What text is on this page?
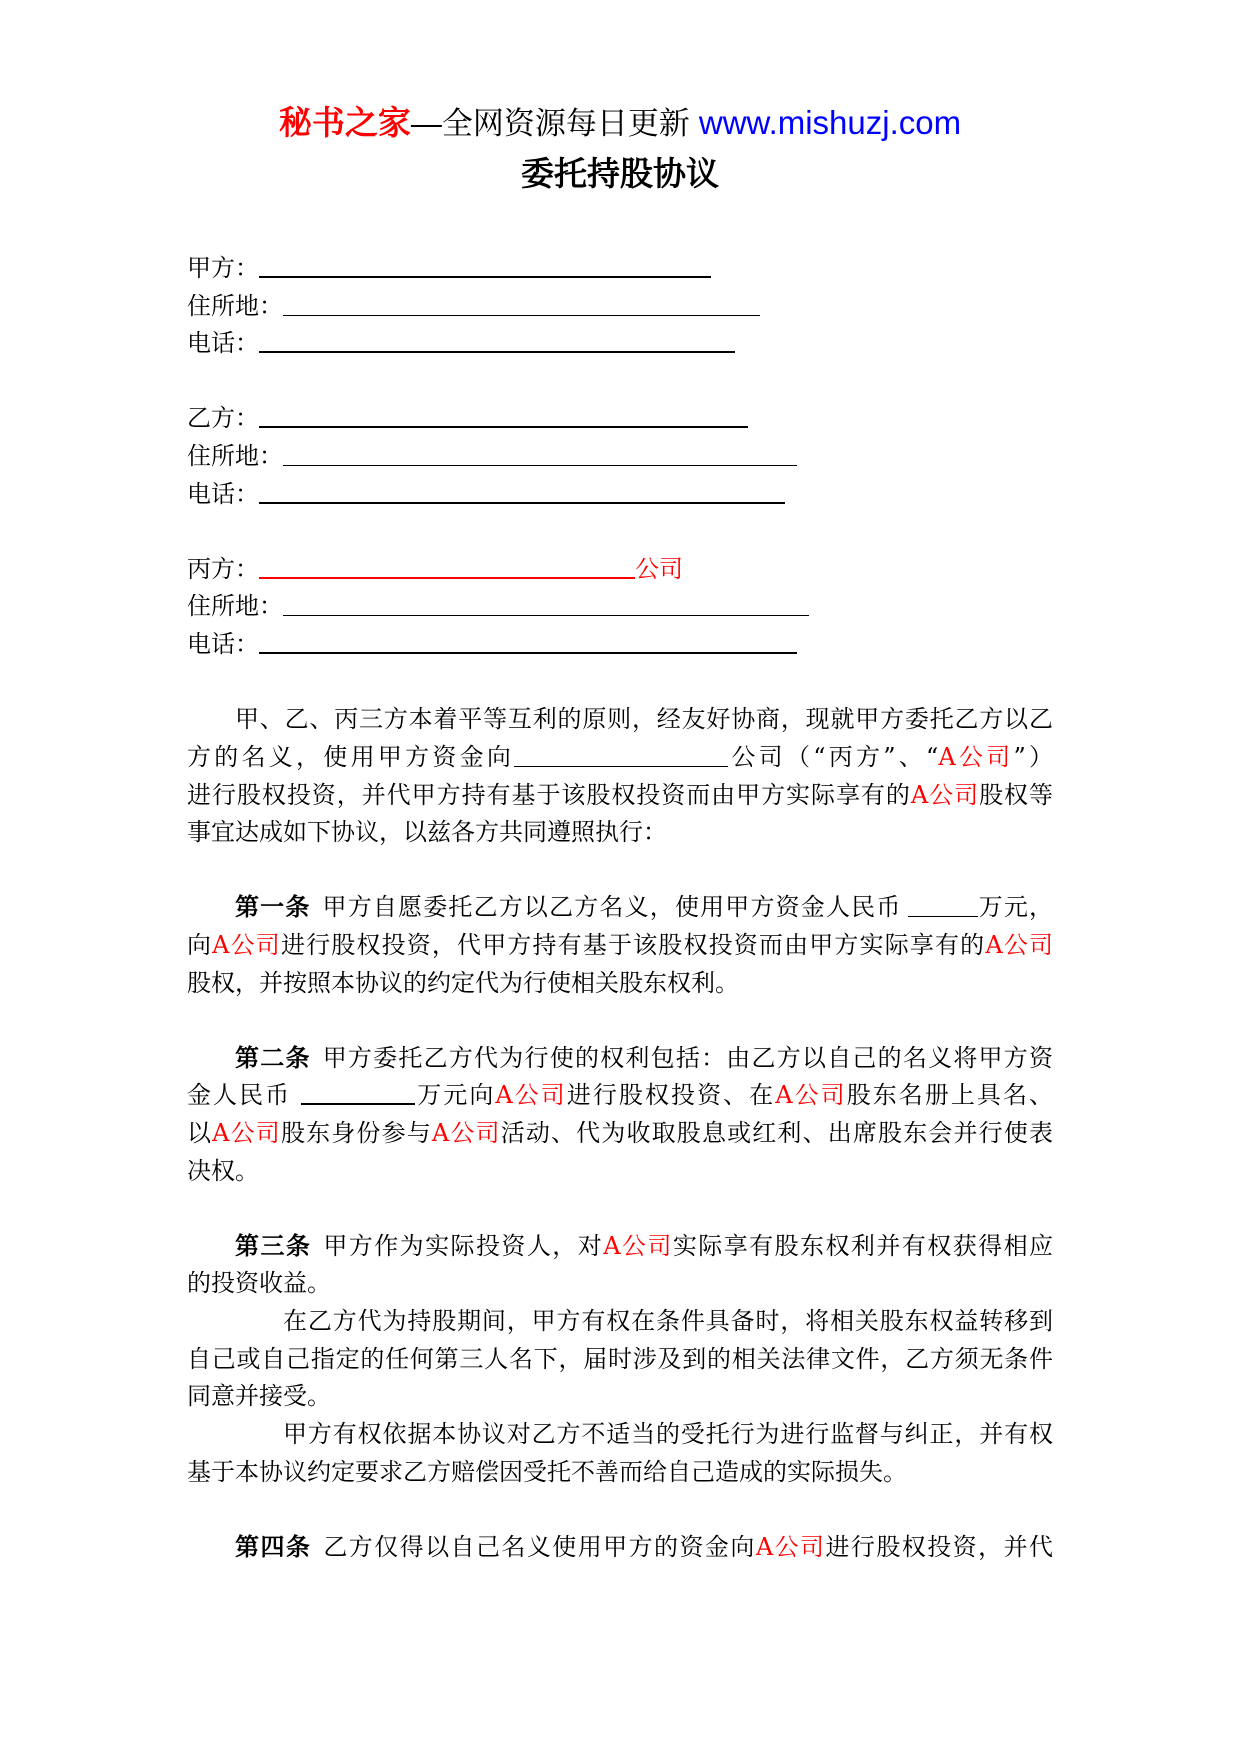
秘书之家—全网资源每日更新 www.mishuzj.com
委托持股协议
甲方：
住所地：
电话：
乙方：
住所地：
电话：
丙方：	公司
住所地：
电话：
甲、乙、丙三方本着平等互利的原则，经友好协商，现就甲方委托乙方以乙
方的名义，使用甲方资金向	公司（“丙方”、“A公司”）
进行股权投资，并代甲方持有基于该股权投资而由甲方实际享有的A公司股权等
事宜达成如下协议，以兹各方共同遵照执行：
第一条 甲方自愿委托乙方以乙方名义，使用甲方资金人民币	万元，
向A公司进行股权投资，代甲方持有基于该股权投资而由甲方实际享有的A公司
股权，并按照本协议的约定代为行使相关股东权利。
第二条 甲方委托乙方代为行使的权利包括：由乙方以自己的名义将甲方资
金人民币	万元向A公司进行股权投资、在A公司股东名册上具名、
以A公司股东身份参与A公司活动、代为收取股息或红利、出席股东会并行使表
决权。
第三条 甲方作为实际投资人，对A公司实际享有股东权利并有权获得相应
的投资收益。
在乙方代为持股期间，甲方有权在条件具备时，将相关股东权益转移到
自己或自己指定的任何第三人名下，届时涉及到的相关法律文件，乙方须无条件
同意并接受。
甲方有权依据本协议对乙方不适当的受托行为进行监督与纠正，并有权
基于本协议约定要求乙方赔偿因受托不善而给自己造成的实际损失。
第四条 乙方仅得以自己名义使用甲方的资金向A公司进行股权投资，并代
